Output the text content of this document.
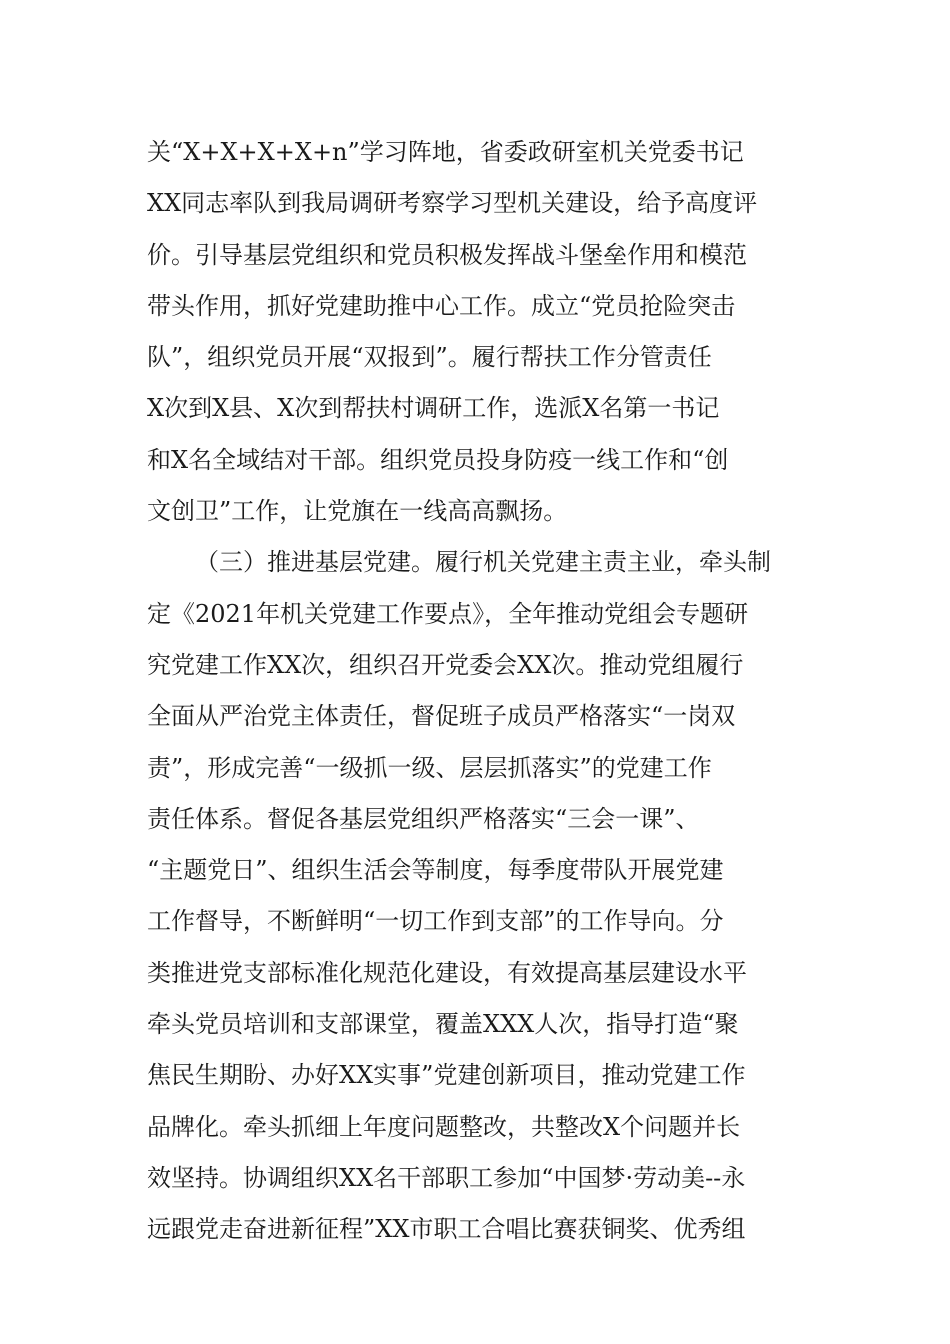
关“X+X+X+X+n”学习阵地，省委政研室机关党委书记
XX同志率队到我局调研考察学习型机关建设，给予高度评
价。引导基层党组织和党员积极发挥战斗堡垒作用和模范
带头作用，抓好党建助推中心工作。成立“党员抢险突击
队”，组织党员开展“双报到”。履行帮扶工作分管责任
X次到X县、X次到帮扶村调研工作，选派X名第一书记
和X名全域结对干部。组织党员投身防疫一线工作和“创
文创卫”工作，让党旗在一线高高飘扬。
（三）推进基层党建。履行机关党建主责主业，牵头制
定《2021年机关党建工作要点》，全年推动党组会专题研
究党建工作XX次，组织召开党委会XX次。推动党组履行
全面从严治党主体责任，督促班子成员严格落实“一岗双
责”，形成完善“一级抓一级、层层抓落实”的党建工作
责任体系。督促各基层党组织严格落实“三会一课”、
“主题党日”、组织生活会等制度，每季度带队开展党建
工作督导，不断鲜明“一切工作到支部”的工作导向。分
类推进党支部标准化规范化建设，有效提高基层建设水平
牵头党员培训和支部课堂，覆盖XXX人次，指导打造“聚
焦民生期盼、办好XX实事”党建创新项目，推动党建工作
品牌化。牵头抓细上年度问题整改，共整改X个问题并长
效坚持。协调组织XX名干部职工参加“中国梦·劳动美--永
远跟党走奋进新征程”XX市职工合唱比赛获铜奖、优秀组
